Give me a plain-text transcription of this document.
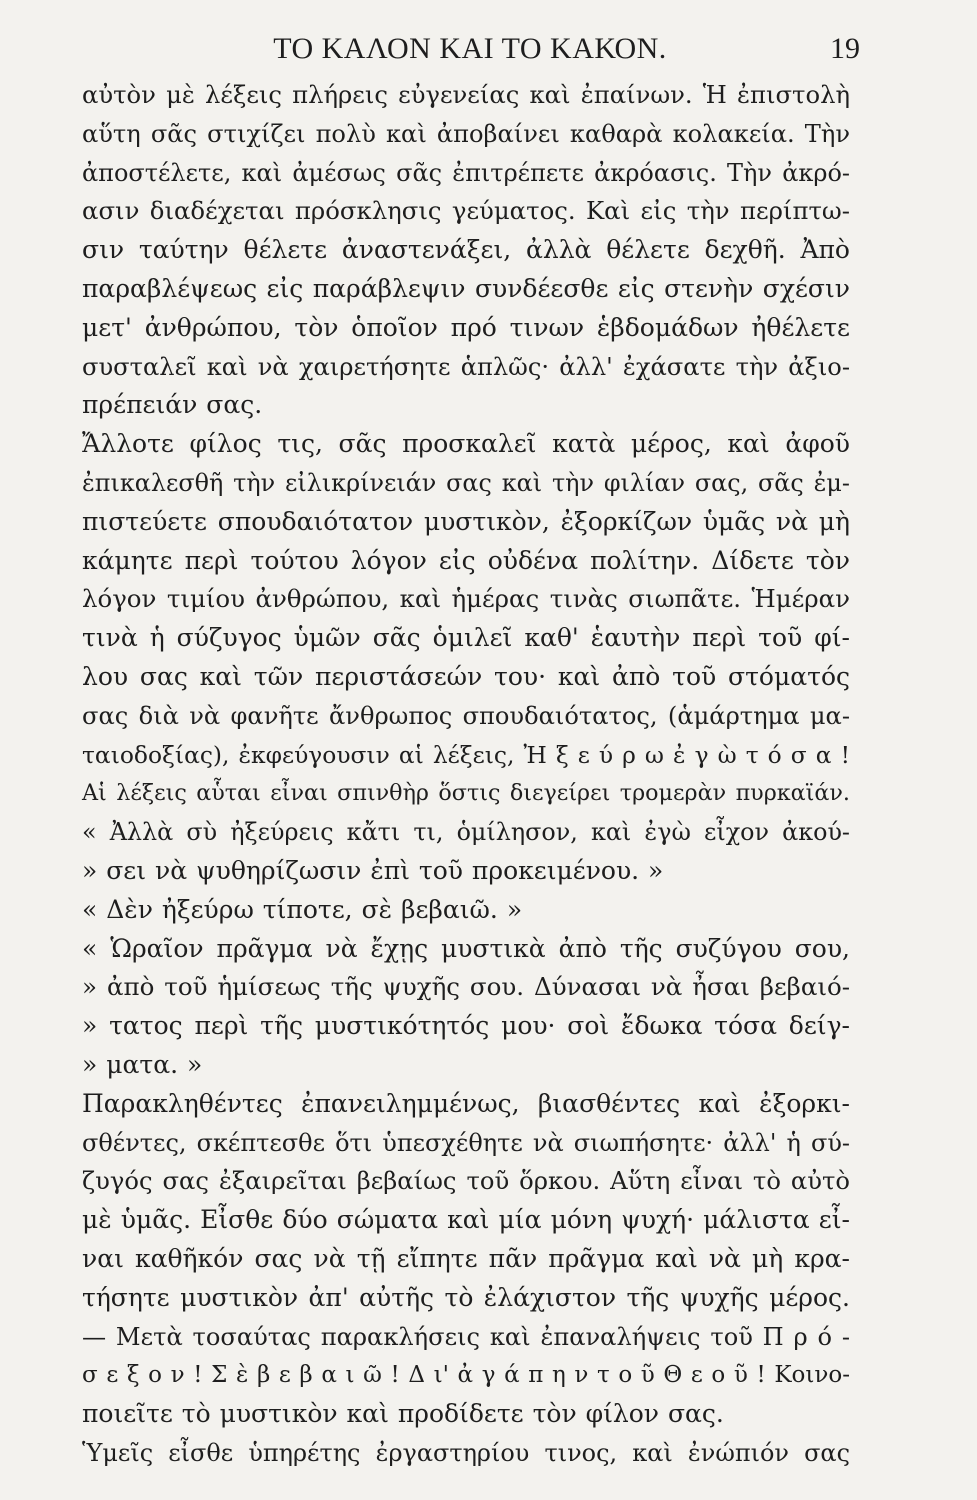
ΤΟ ΚΑΛΟΝ ΚΑΙ ΤΟ ΚΑΚΟΝ.	19
αὐτὸν μὲ λέξεις πλήρεις εὐγενείας καὶ ἐπαίνων. Ἡ ἐπιστολὴ
αὕτη σᾶς στιχίζει πολὺ καὶ ἀποβαίνει καθαρὰ κολακεία. Τὴν
ἀποστέλετε, καὶ ἀμέσως σᾶς ἐπιτρέπετε ἀκρόασις. Τὴν ἀκρό-
ασιν διαδέχεται πρόσκλησις γεύματος. Καὶ εἰς τὴν περίπτω-
σιν ταύτην θέλετε ἀναστενάξει, ἀλλὰ θέλετε δεχθῆ. Ἀπὸ
παραβλέψεως εἰς παράβλεψιν συνδέεσθε εἰς στενὴν σχέσιν
μετ' ἀνθρώπου, τὸν ὁποῖον πρό τινων ἑβδομάδων ἠθέλετε
συσταλεῖ καὶ νὰ χαιρετήσητε ἁπλῶς· ἀλλ' ἐχάσατε τὴν ἀξιο-
πρέπειάν σας.
Ἄλλοτε φίλος τις, σᾶς προσκαλεῖ κατὰ μέρος, καὶ ἀφοῦ
ἐπικαλεσθῆ τὴν εἰλικρίνειάν σας καὶ τὴν φιλίαν σας, σᾶς ἐμ-
πιστεύετε σπουδαιότατον μυστικὸν, ἐξορκίζων ὑμᾶς νὰ μὴ
κάμητε περὶ τούτου λόγον εἰς οὐδένα πολίτην. Δίδετε τὸν
λόγον τιμίου ἀνθρώπου, καὶ ἡμέρας τινὰς σιωπᾶτε. Ἡμέραν
τινὰ ἡ σύζυγος ὑμῶν σᾶς ὁμιλεῖ καθ' ἑαυτὴν περὶ τοῦ φί-
λου σας καὶ τῶν περιστάσεών του· καὶ ἀπὸ τοῦ στόματός
σας διὰ νὰ φανῆτε ἄνθρωπος σπουδαιότατος, (ἁμάρτημα μα-
ταιοδοξίας), ἐκφεύγουσιν αἱ λέξεις, Ἠ ξ ε ύ ρ ω ἐ γ ὼ τ ό σ α !
Αἱ λέξεις αὗται εἶναι σπινθὴρ ὅστις διεγείρει τρομερὰν πυρκαϊάν.
« Ἀλλὰ σὺ ἠξεύρεις κἄτι τι, ὁμίλησον, καὶ ἐγὼ εἶχον ἀκού-
» σει νὰ ψυθηρίζωσιν ἐπὶ τοῦ προκειμένου. »
« Δὲν ἠξεύρω τίποτε, σὲ βεβαιῶ. »
« Ὡραῖον πρᾶγμα νὰ ἔχῃς μυστικὰ ἀπὸ τῆς συζύγου σου,
» ἀπὸ τοῦ ἡμίσεως τῆς ψυχῆς σου. Δύνασαι νὰ ἦσαι βεβαιό-
» τατος περὶ τῆς μυστικότητός μου· σοὶ ἔδωκα τόσα δείγ-
» ματα. »
Παρακληθέντες ἐπανειλημμένως, βιασθέντες καὶ ἐξορκι-
σθέντες, σκέπτεσθε ὅτι ὑπεσχέθητε νὰ σιωπήσητε· ἀλλ' ἡ σύ-
ζυγός σας ἐξαιρεῖται βεβαίως τοῦ ὅρκου. Αὕτη εἶναι τὸ αὐτὸ
μὲ ὑμᾶς. Εἶσθε δύο σώματα καὶ μία μόνη ψυχή· μάλιστα εἶ-
ναι καθῆκόν σας νὰ τῇ εἴπητε πᾶν πρᾶγμα καὶ νὰ μὴ κρα-
τήσητε μυστικὸν ἀπ' αὐτῆς τὸ ἐλάχιστον τῆς ψυχῆς μέρος.
— Μετὰ τοσαύτας παρακλήσεις καὶ ἐπαναλήψεις τοῦ Π ρ ό -
σ ε ξ ο ν ! Σ ὲ β ε β α ι ῶ ! Δ ι' ἀ γ ά π η ν τ ο ῦ Θ ε ο ῦ ! Κοινο-
ποιεῖτε τὸ μυστικὸν καὶ προδίδετε τὸν φίλον σας.
Ὑμεῖς εἶσθε ὑπηρέτης ἐργαστηρίου τινος, καὶ ἐνώπιόν σας
